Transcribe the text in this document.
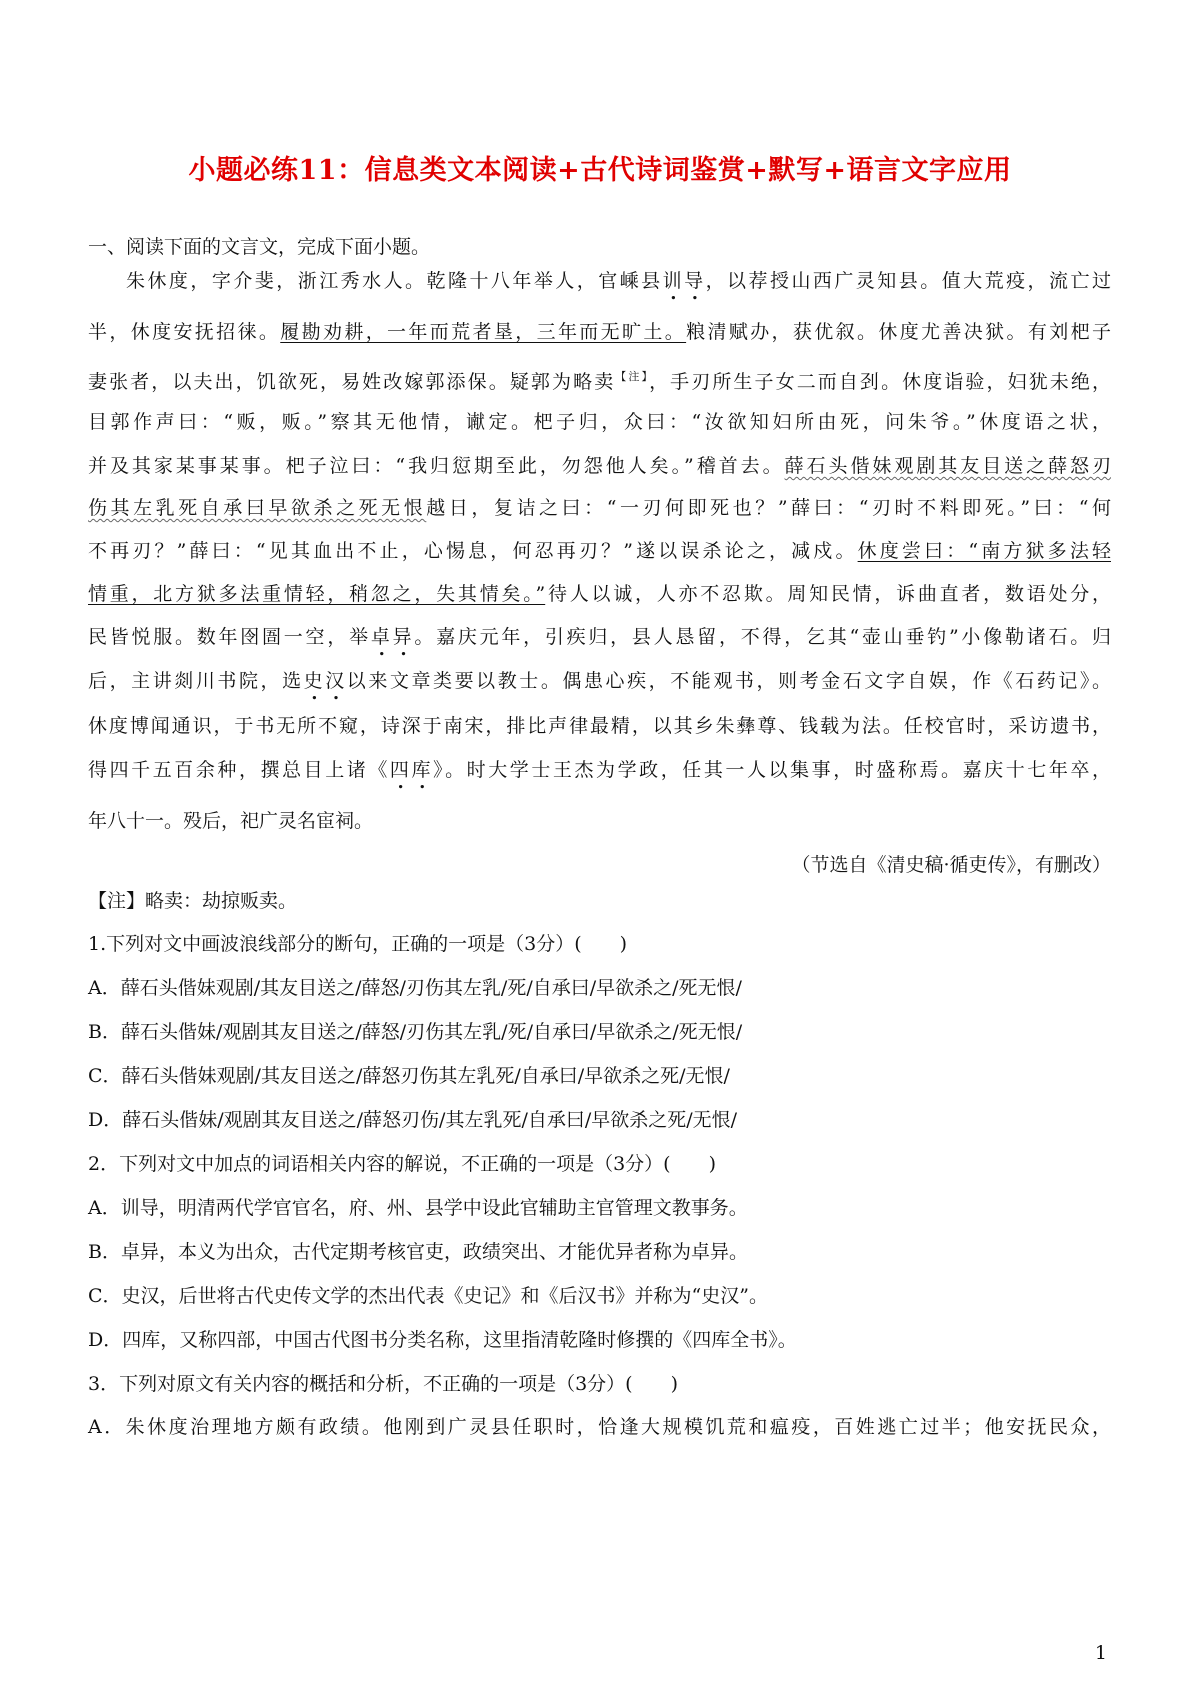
小题必练11：信息类文本阅读+古代诗词鉴赏+默写+语言文字应用
一、阅读下面的文言文，完成下面小题。
朱休度，字介斐，浙江秀水人。乾隆十八年举人，官嵊县训导，以荐授山西广灵知县。值大荒疫，流亡过
半，休度安抚招徕。履勘劝耕，一年而荒者垦，三年而无旷土。粮清赋办，获优叙。休度尤善决狱。有刘杷子
妻张者，以夫出，饥欲死，易姓改嫁郭添保。疑郭为略卖$^{【注】}$，手刃所生子女二而自刭。休度诣验，妇犹未绝，
目郭作声曰：“贩，贩。”察其无他情，谳定。杷子归，众曰：“汝欲知妇所由死，问朱爷。”休度语之状，
并及其家某事某事。杷子泣曰：“我归愆期至此，勿怨他人矣。”稽首去。薛石头偕妹观剧其友目送之薛怒刃
伤其左乳死自承曰早欲杀之死无恨越日，复诘之曰：“一刃何即死也？”薛曰：“刃时不料即死。”曰：“何
不再刃？”薛曰：“见其血出不止，心惕息，何忍再刃？”遂以误杀论之，减戍。休度尝曰：“南方狱多法轻
情重，北方狱多法重情轻，稍忽之，失其情矣。”待人以诚，人亦不忍欺。周知民情，诉曲直者，数语处分，
民皆悦服。数年囹圄一空，举卓异。嘉庆元年，引疾归，县人恳留，不得，乞其“壶山垂钓”小像勒诸石。归
后，主讲剡川书院，选史汉以来文章类要以教士。偶患心疾，不能观书，则考金石文字自娱，作《石药记》。
休度博闻通识，于书无所不窥，诗深于南宋，排比声律最精，以其乡朱彝尊、钱载为法。任校官时，采访遗书，
得四千五百余种，撰总目上诸《四库》。时大学士王杰为学政，任其一人以集事，时盛称焉。嘉庆十七年卒，
年八十一。殁后，祀广灵名宦祠。
（节选自《清史稿·循吏传》，有删改）
【注】略卖：劫掠贩卖。
1.下列对文中画波浪线部分的断句，正确的一项是（3分）(　　)
A．薛石头偕妹观剧/其友目送之/薛怒/刃伤其左乳/死/自承曰/早欲杀之/死无恨/
B．薛石头偕妹/观剧其友目送之/薛怒/刃伤其左乳/死/自承曰/早欲杀之/死无恨/
C．薛石头偕妹观剧/其友目送之/薛怒刃伤其左乳死/自承曰/早欲杀之死/无恨/
D．薛石头偕妹/观剧其友目送之/薛怒刃伤/其左乳死/自承曰/早欲杀之死/无恨/
2．下列对文中加点的词语相关内容的解说，不正确的一项是（3分）(　　)
A．训导，明清两代学官官名，府、州、县学中设此官辅助主官管理文教事务。
B．卓异，本义为出众，古代定期考核官吏，政绩突出、才能优异者称为卓异。
C．史汉，后世将古代史传文学的杰出代表《史记》和《后汉书》并称为“史汉”。
D．四库，又称四部，中国古代图书分类名称，这里指清乾隆时修撰的《四库全书》。
3．下列对原文有关内容的概括和分析，不正确的一项是（3分）(　　)
A．朱休度治理地方颇有政绩。他刚到广灵县任职时，恰逢大规模饥荒和瘟疫，百姓逃亡过半；他安抚民众，
1
